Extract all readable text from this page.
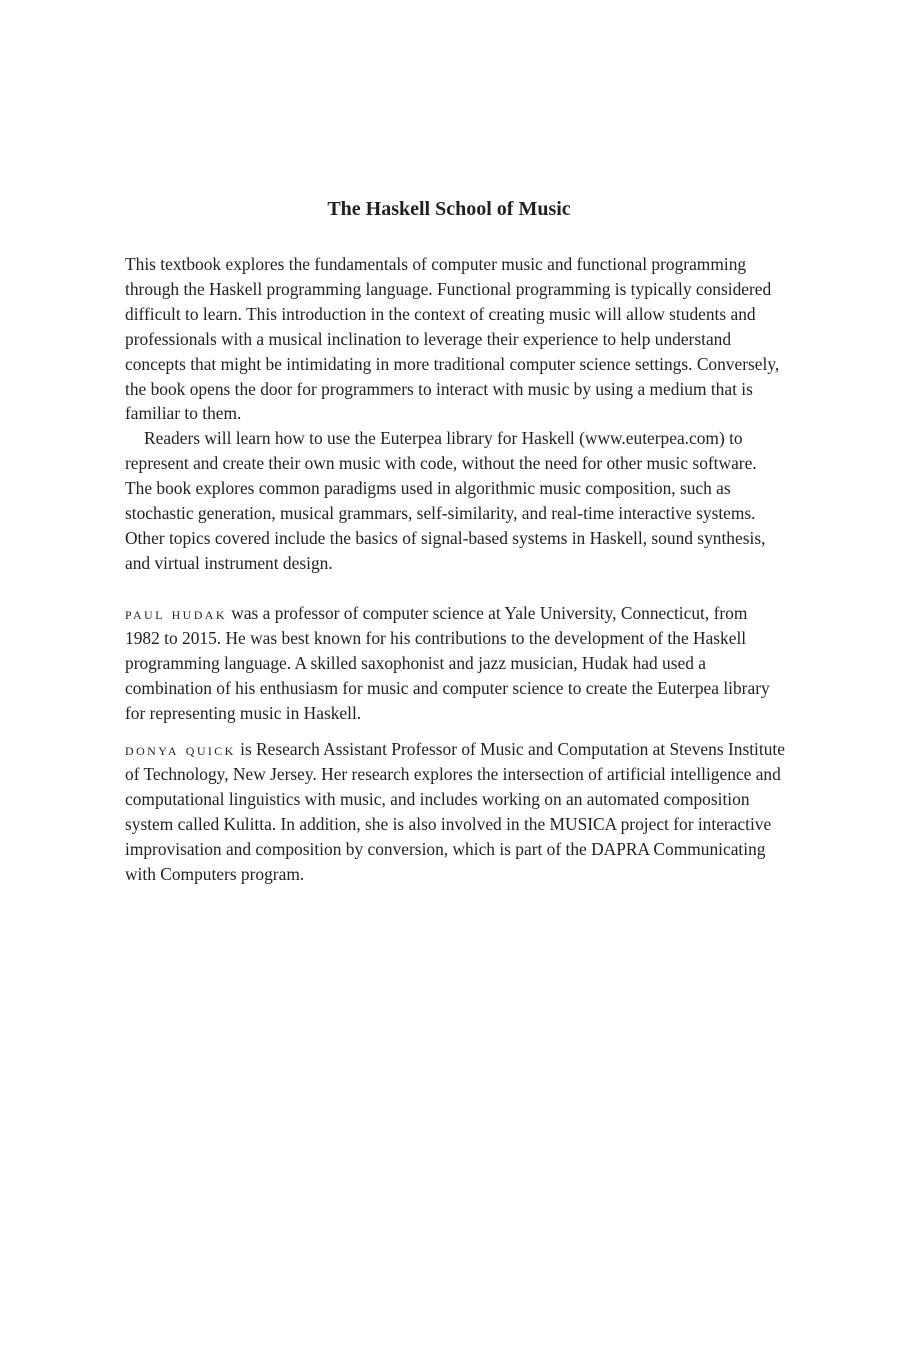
The Haskell School of Music

This textbook explores the fundamentals of computer music and functional programming through the Haskell programming language. Functional programming is typically considered difficult to learn. This introduction in the context of creating music will allow students and professionals with a musical inclination to leverage their experience to help understand concepts that might be intimidating in more traditional computer science settings. Conversely, the book opens the door for programmers to interact with music by using a medium that is familiar to them.

Readers will learn how to use the Euterpea library for Haskell (www.euterpea.com) to represent and create their own music with code, without the need for other music software. The book explores common paradigms used in algorithmic music composition, such as stochastic generation, musical grammars, self-similarity, and real-time interactive systems. Other topics covered include the basics of signal-based systems in Haskell, sound synthesis, and virtual instrument design.

paul hudak was a professor of computer science at Yale University, Connecticut, from 1982 to 2015. He was best known for his contributions to the development of the Haskell programming language. A skilled saxophonist and jazz musician, Hudak had used a combination of his enthusiasm for music and computer science to create the Euterpea library for representing music in Haskell.

donya quick is Research Assistant Professor of Music and Computation at Stevens Institute of Technology, New Jersey. Her research explores the intersection of artificial intelligence and computational linguistics with music, and includes working on an automated composition system called Kulitta. In addition, she is also involved in the MUSICA project for interactive improvisation and composition by conversion, which is part of the DAPRA Communicating with Computers program.
